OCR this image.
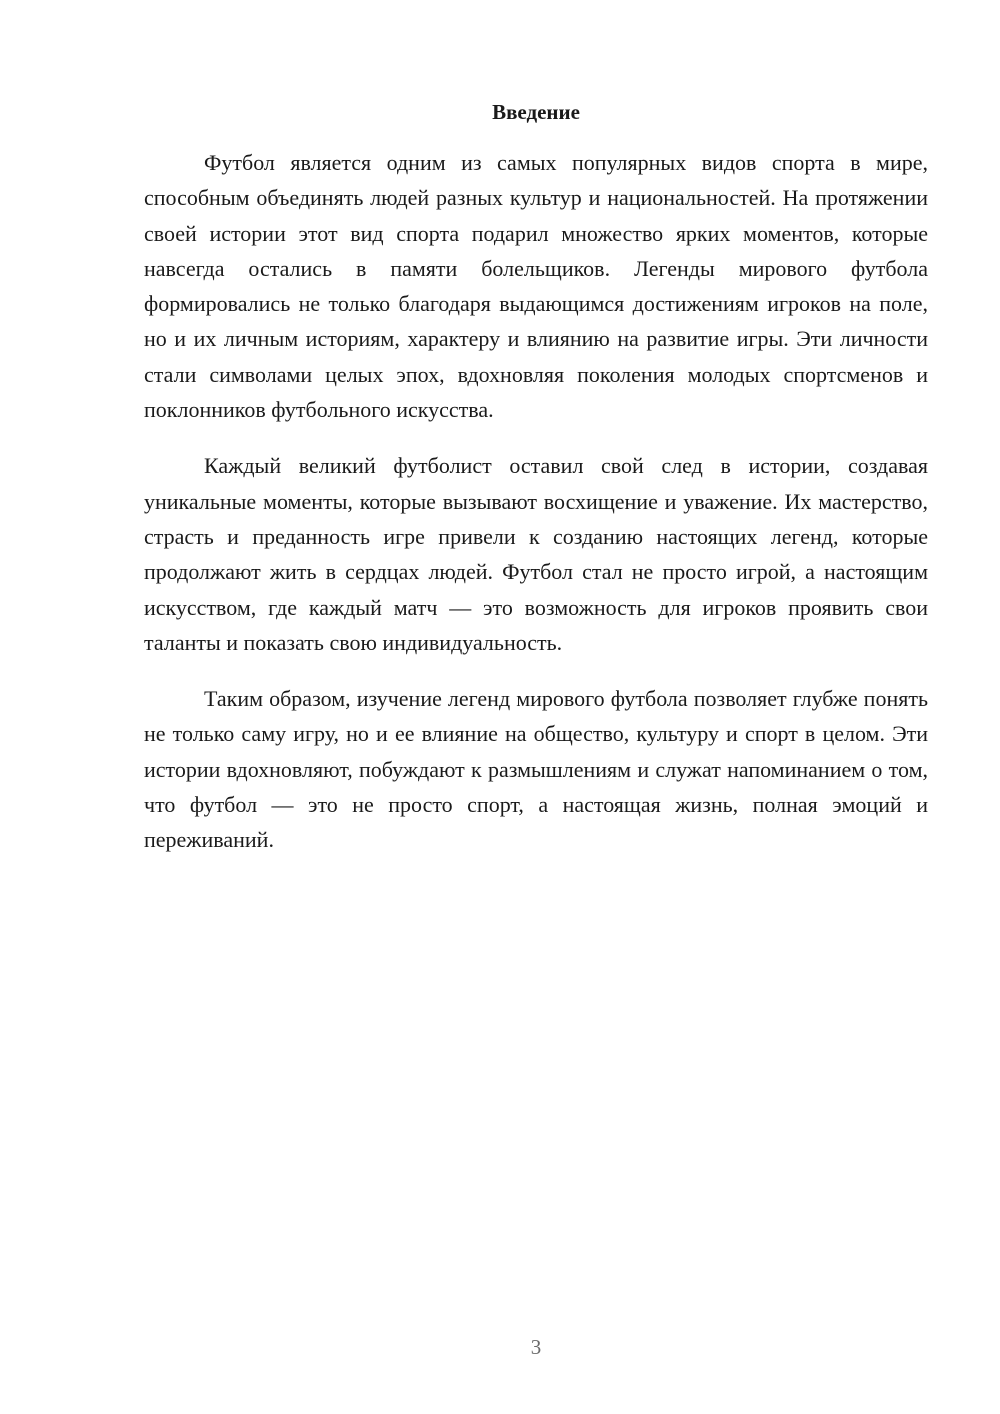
Введение

Футбол является одним из самых популярных видов спорта в мире, способным объединять людей разных культур и национальностей. На протяжении своей истории этот вид спорта подарил множество ярких моментов, которые навсегда остались в памяти болельщиков. Легенды мирового футбола формировались не только благодаря выдающимся достижениям игроков на поле, но и их личным историям, характеру и влиянию на развитие игры. Эти личности стали символами целых эпох, вдохновляя поколения молодых спортсменов и поклонников футбольного искусства.

Каждый великий футболист оставил свой след в истории, создавая уникальные моменты, которые вызывают восхищение и уважение. Их мастерство, страсть и преданность игре привели к созданию настоящих легенд, которые продолжают жить в сердцах людей. Футбол стал не просто игрой, а настоящим искусством, где каждый матч — это возможность для игроков проявить свои таланты и показать свою индивидуальность.

Таким образом, изучение легенд мирового футбола позволяет глубже понять не только саму игру, но и ее влияние на общество, культуру и спорт в целом. Эти истории вдохновляют, побуждают к размышлениям и служат напоминанием о том, что футбол — это не просто спорт, а настоящая жизнь, полная эмоций и переживаний.

3
